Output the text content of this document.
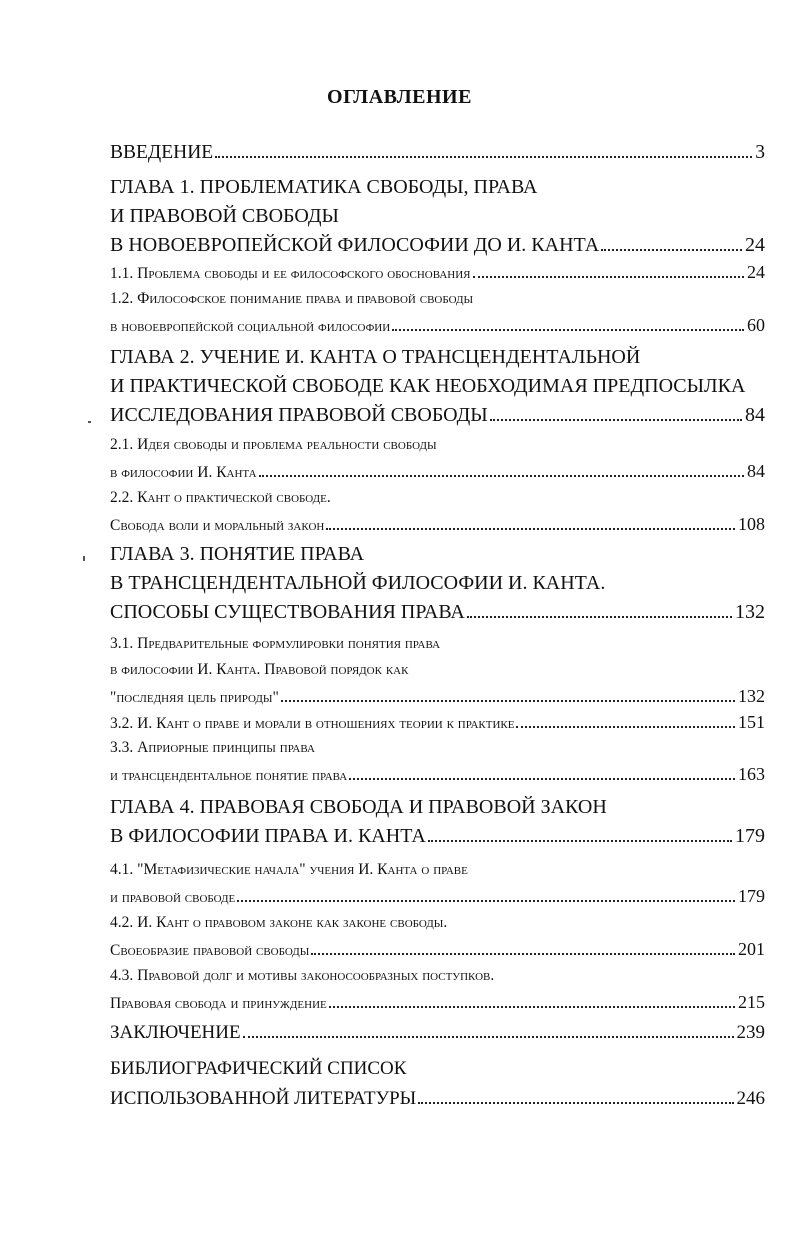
ОГЛАВЛЕНИЕ
ВВЕДЕНИЕ	3
ГЛАВА 1. ПРОБЛЕМАТИКА СВОБОДЫ, ПРАВА
И ПРАВОВОЙ СВОБОДЫ
В НОВОЕВРОПЕЙСКОЙ ФИЛОСОФИИ ДО И. КАНТА	24
1.1. Проблема свободы и ее философского обоснования	24
1.2. Философское понимание права и правовой свободы
в новоевропейской социальной философии	60
ГЛАВА 2. УЧЕНИЕ И. КАНТА О ТРАНСЦЕНДЕНТАЛЬНОЙ
И ПРАКТИЧЕСКОЙ СВОБОДЕ КАК НЕОБХОДИМАЯ ПРЕДПОСЫЛКА
ИССЛЕДОВАНИЯ ПРАВОВОЙ СВОБОДЫ	84
2.1. Идея свободы и проблема реальности свободы
в философии И. Канта	84
2.2. Кант о практической свободе.
Свобода воли и моральный закон	108
ГЛАВА 3. ПОНЯТИЕ ПРАВА
В ТРАНСЦЕНДЕНТАЛЬНОЙ ФИЛОСОФИИ И. КАНТА.
СПОСОБЫ СУЩЕСТВОВАНИЯ ПРАВА	132
3.1. Предварительные формулировки понятия права
в философии И. Канта. Правовой порядок как
"последняя цель природы"	132
3.2. И. Кант о праве и морали в отношениях теории к практике	151
3.3. Априорные принципы права
и трансцендентальное понятие права	163
ГЛАВА 4. ПРАВОВАЯ СВОБОДА И ПРАВОВОЙ ЗАКОН
В ФИЛОСОФИИ ПРАВА И. КАНТА	179
4.1. "Метафизические начала" учения И. Канта о праве
и правовой свободе	179
4.2. И. Кант о правовом законе как законе свободы.
Своеобразие правовой свободы	201
4.3. Правовой долг и мотивы законосообразных поступков.
Правовая свобода и принуждение	215
ЗАКЛЮЧЕНИЕ	239
БИБЛИОГРАФИЧЕСКИЙ СПИСОК
ИСПОЛЬЗОВАННОЙ ЛИТЕРАТУРЫ	246
